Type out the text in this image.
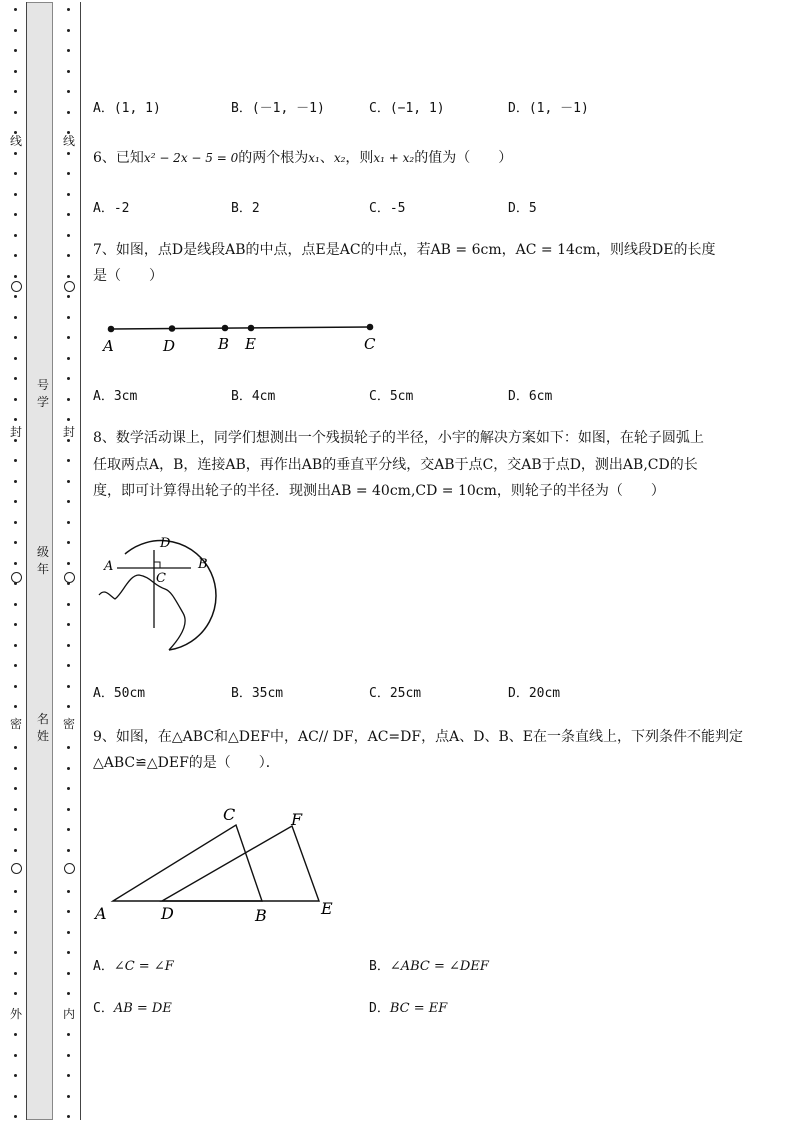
线
封
密
外
线
封
密
内
号
学
级
年
名
姓
A．(1, 1)	B．(－1, －1)	C．(−1, 1)	D．(1, －1)
6、已知x² − 2x − 5 = 0的两个根为x₁、x₂，则x₁ + x₂的值为（　　）
A．-2	B．2	C．-5	D．5
7、如图，点D是线段AB的中点，点E是AC的中点，若AB = 6cm，AC = 14cm，则线段DE的长度
是（　　）
A	D	B E	C
A．3cm	B．4cm	C．5cm	D．6cm
8、数学活动课上，同学们想测出一个残损轮子的半径，小宇的解决方案如下：如图，在轮子圆弧上
任取两点A，B，连接AB，再作出AB的垂直平分线，交AB于点C，交AB于点D，测出AB,CD的长
度，即可计算得出轮子的半径．现测出AB = 40cm,CD = 10cm，则轮子的半径为（　　）
D
A	B
C
A．50cm	B．35cm	C．25cm	D．20cm
9、如图，在△ABC和△DEF中，AC// DF，AC=DF，点A、D、B、E在一条直线上，下列条件不能判定
△ABC≌△DEF的是（　　）．
C	F
A	D	B	E
A．∠C = ∠F	B．∠ABC = ∠DEF
C．AB = DE	D．BC = EF
